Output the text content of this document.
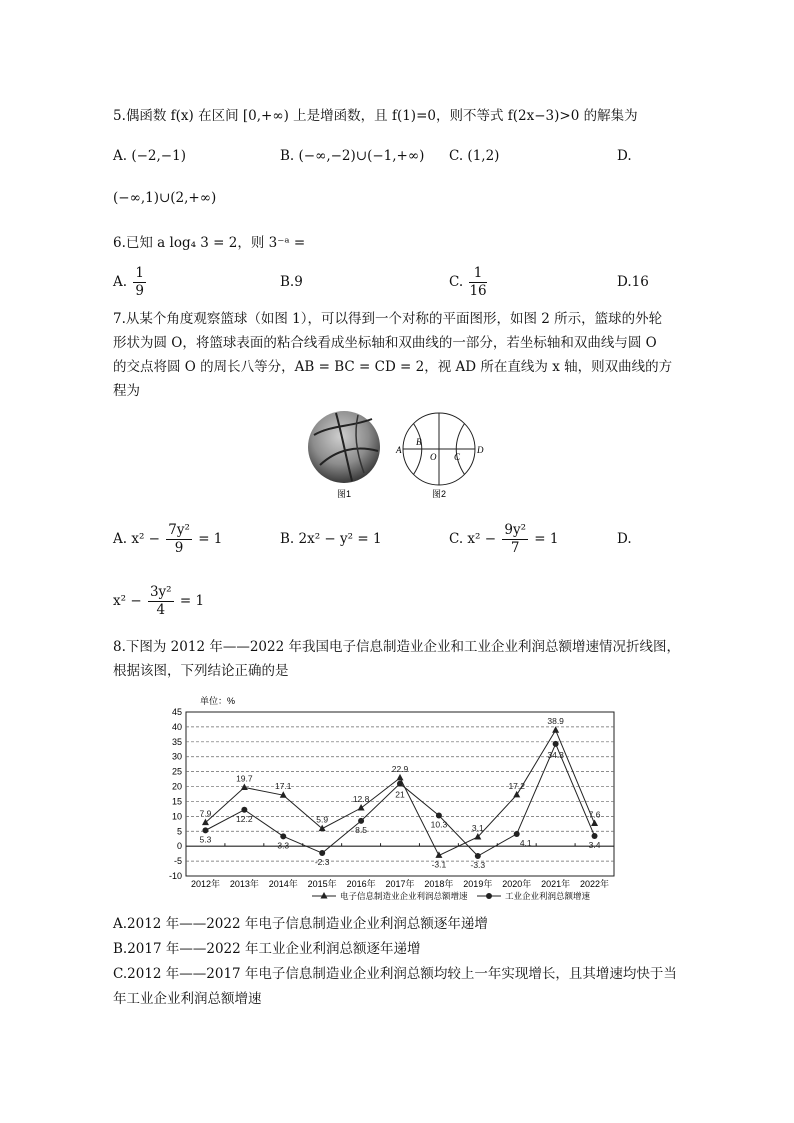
5.偶函数 f(x) 在区间 [0,+∞) 上是增函数，且 f(1)=0，则不等式 f(2x−3)>0 的解集为
A. (−2,−1)	B. (−∞,−2)∪(−1,+∞) C. (1,2)	D.
(−∞,1)∪(2,+∞)
6.已知 a log₄ 3 = 2，则 3⁻ᵃ =
A. $\frac{1}{9}$	B.9	C. $\frac{1}{16}$	D.16
7.从某个角度观察篮球（如图 1），可以得到一个对称的平面图形，如图 2 所示，篮球的外轮
形状为圆 O，将篮球表面的粘合线看成坐标轴和双曲线的一部分，若坐标轴和双曲线与圆 O
的交点将圆 O 的周长八等分，AB = BC = CD = 2，视 AD 所在直线为 x 轴，则双曲线的方
程为
图1
A
B
O C
D
图2
A. $x^2 - \frac{\text{7y²}}{9} = 1$	B. 2x² − y² = 1	C. $x^2 - \frac{\text{9y²}}{7} = 1$	D.
$x^2 - \frac{\text{3y²}}{4} = 1$
8.下图为 2012 年——2022 年我国电子信息制造业企业和工业企业利润总额增速情况折线图，
根据该图，下列结论正确的是
45
40
35
30
25
20
15
10
5
0
-5
-10
单位：%
2012年 2013年 2014年 2015年 2016年 2017年 2018年 2019年 2020年 2021年 2022年
7.9
19.7
17.1
5.9
12.8
22.9
-3.1
3.1
17.2
38.9
7.6
5.3
12.2
3.3
-2.3
8.5
21
10.3
-3.3
4.1
34.3
3.4
电子信息制造业企业利润总额增速	工业企业利润总额增速
A.2012 年——2022 年电子信息制造业企业利润总额逐年递增
B.2017 年——2022 年工业企业利润总额逐年递增
C.2012 年——2017 年电子信息制造业企业利润总额均较上一年实现增长，且其增速均快于当
年工业企业利润总额增速
